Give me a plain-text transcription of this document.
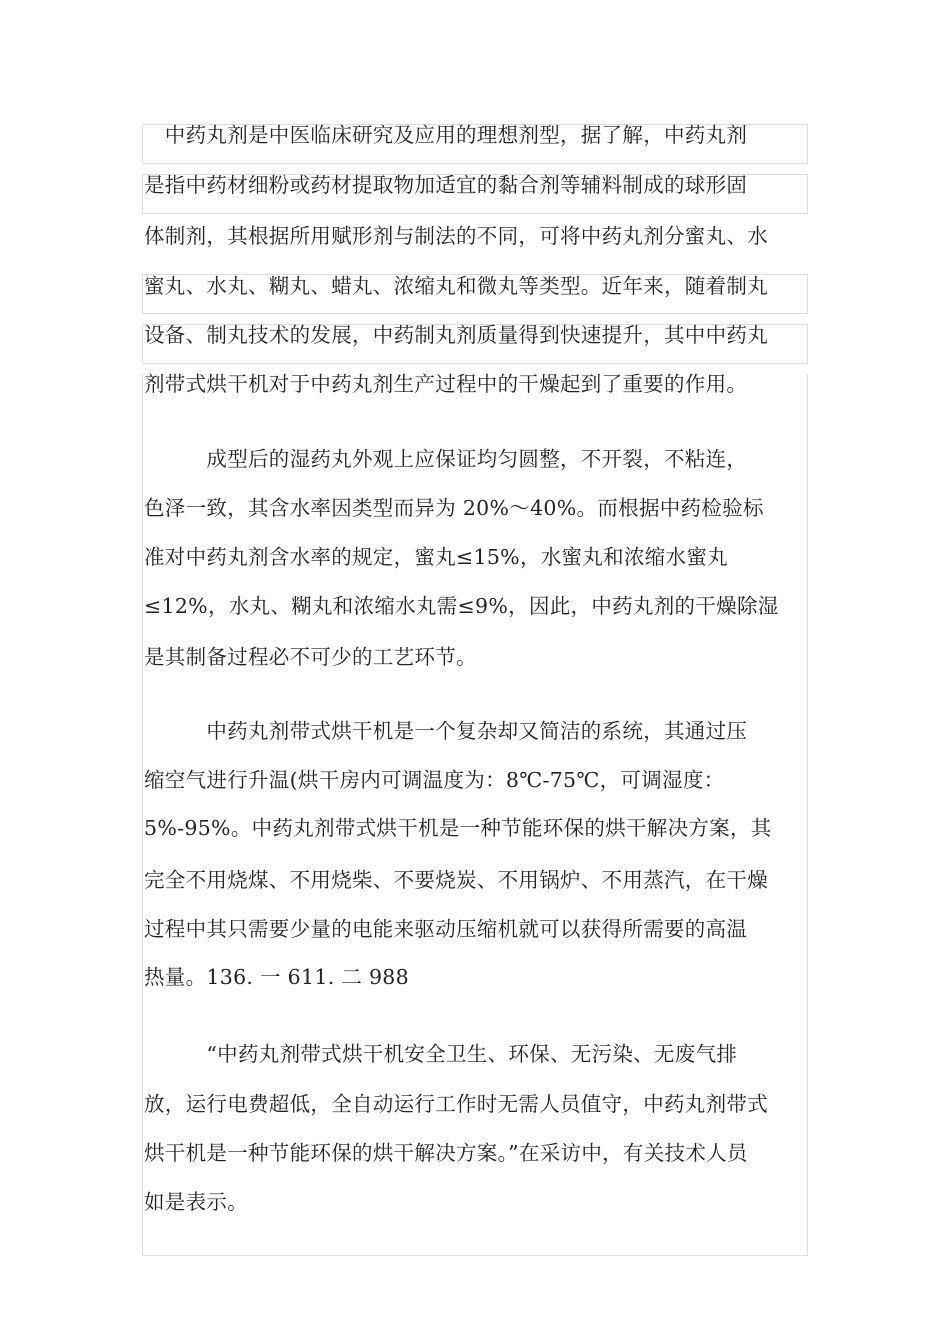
　中药丸剂是中医临床研究及应用的理想剂型，据了解，中药丸剂
是指中药材细粉或药材提取物加适宜的黏合剂等辅料制成的球形固
体制剂，其根据所用赋形剂与制法的不同，可将中药丸剂分蜜丸、水
蜜丸、水丸、糊丸、蜡丸、浓缩丸和微丸等类型。近年来，随着制丸
设备、制丸技术的发展，中药制丸剂质量得到快速提升，其中中药丸
剂带式烘干机对于中药丸剂生产过程中的干燥起到了重要的作用。
　　　成型后的湿药丸外观上应保证均匀圆整，不开裂，不粘连，
色泽一致，其含水率因类型而异为 20%～40%。而根据中药检验标
准对中药丸剂含水率的规定，蜜丸≤15%，水蜜丸和浓缩水蜜丸
≤12%，水丸、糊丸和浓缩水丸需≤9%，因此，中药丸剂的干燥除湿
是其制备过程必不可少的工艺环节。
　　　中药丸剂带式烘干机是一个复杂却又简洁的系统，其通过压
缩空气进行升温(烘干房内可调温度为：8℃-75℃，可调湿度：
5%-95%。中药丸剂带式烘干机是一种节能环保的烘干解决方案，其
完全不用烧煤、不用烧柴、不要烧炭、不用锅炉、不用蒸汽，在干燥
过程中其只需要少量的电能来驱动压缩机就可以获得所需要的高温
热量。136. 一 611. 二 988
　　　“中药丸剂带式烘干机安全卫生、环保、无污染、无废气排
放，运行电费超低，全自动运行工作时无需人员值守，中药丸剂带式
烘干机是一种节能环保的烘干解决方案。”在采访中，有关技术人员
如是表示。
